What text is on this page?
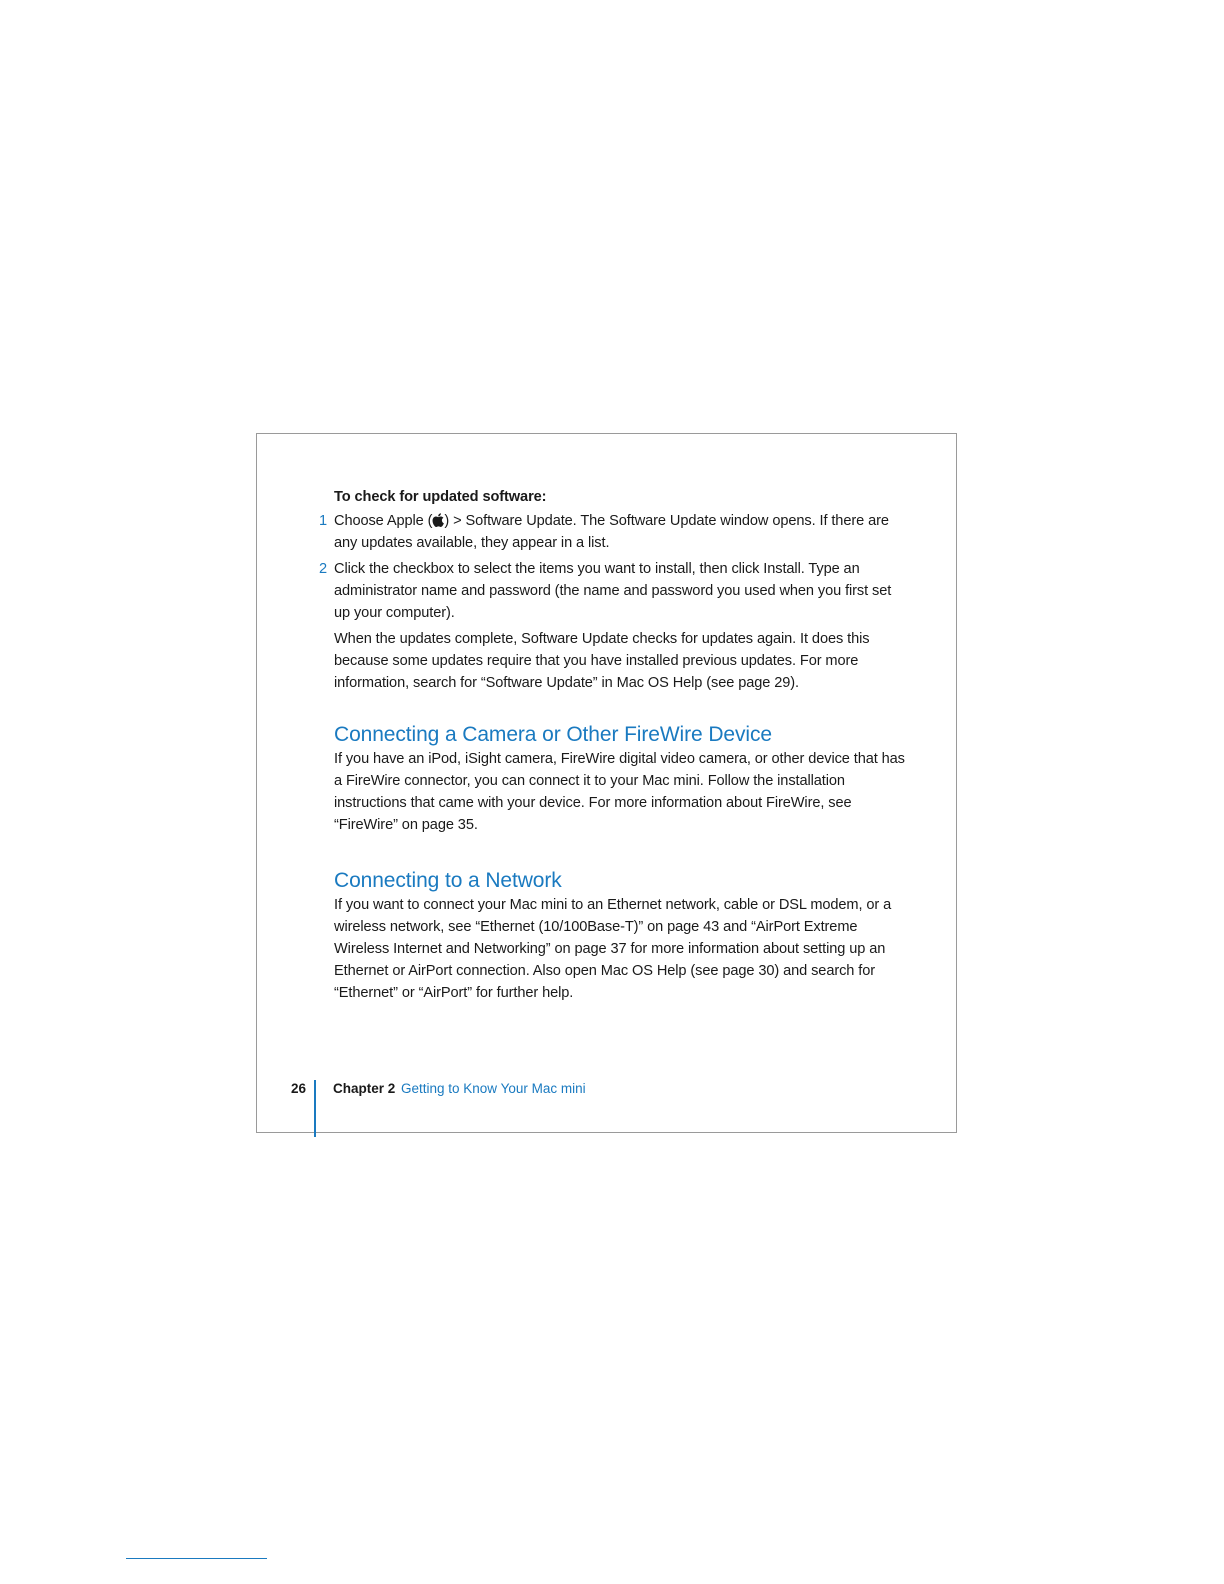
To check for updated software:

1 Choose Apple ( ) > Software Update. The Software Update window opens. If there are any updates available, they appear in a list.
2 Click the checkbox to select the items you want to install, then click Install. Type an administrator name and password (the name and password you used when you first set up your computer).

When the updates complete, Software Update checks for updates again. It does this because some updates require that you have installed previous updates. For more information, search for “Software Update” in Mac OS Help (see page 29).

Connecting a Camera or Other FireWire Device

If you have an iPod, iSight camera, FireWire digital video camera, or other device that has a FireWire connector, you can connect it to your Mac mini. Follow the installation instructions that came with your device. For more information about FireWire, see “FireWire” on page 35.

Connecting to a Network

If you want to connect your Mac mini to an Ethernet network, cable or DSL modem, or a wireless network, see “Ethernet (10/100Base-T)” on page 43 and “AirPort Extreme Wireless Internet and Networking” on page 37 for more information about setting up an Ethernet or AirPort connection. Also open Mac OS Help (see page 30) and search for “Ethernet” or “AirPort” for further help.

26 Chapter 2 Getting to Know Your Mac mini
